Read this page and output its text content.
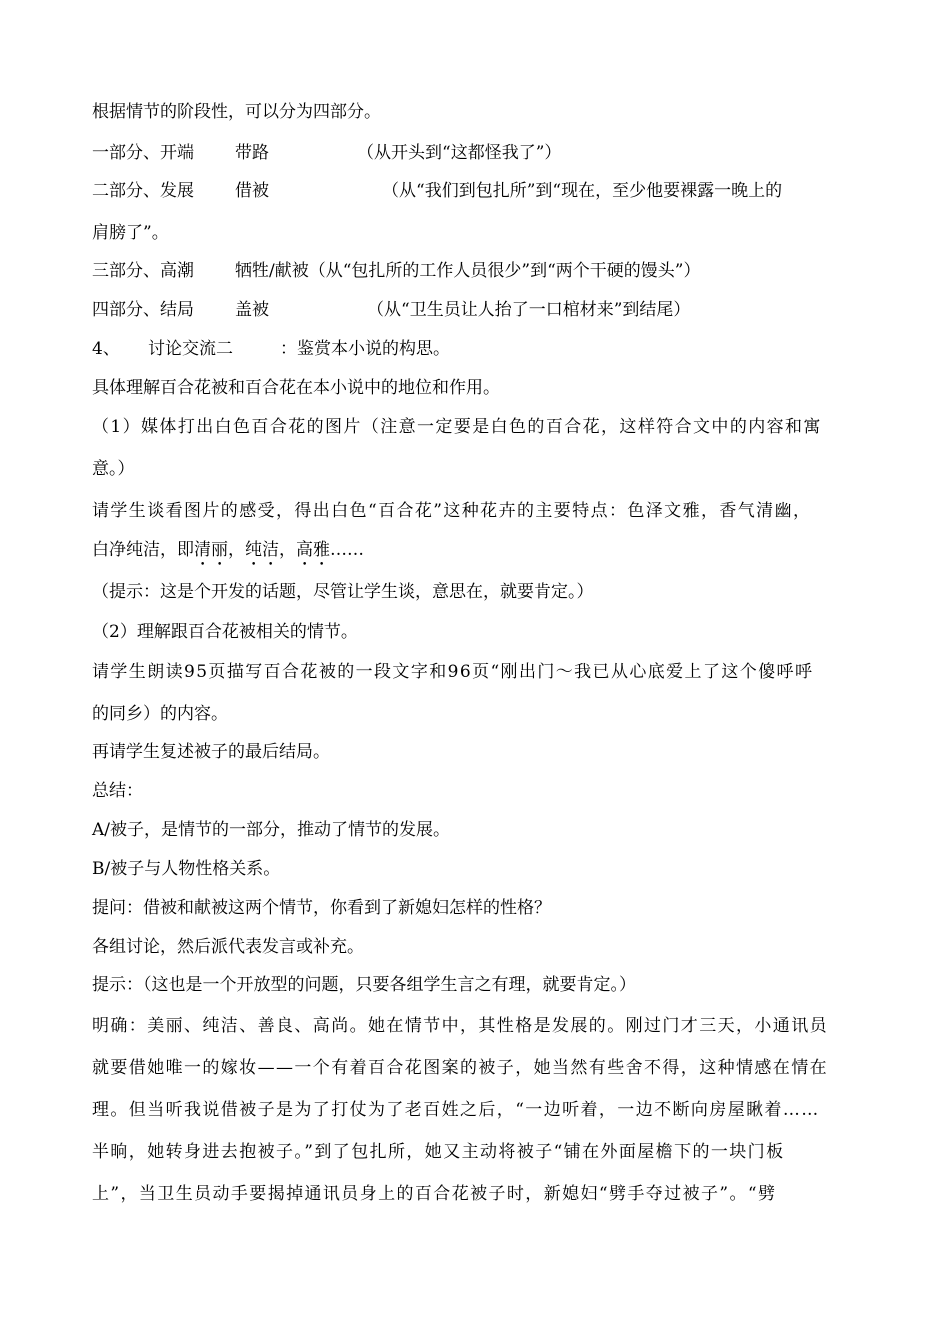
根据情节的阶段性，可以分为四部分。
一部分、开端 带路	（从开头到“这都怪我了”）
二部分、发展 借被	（从“我们到包扎所”到“现在，至少他要裸露一晚上的
肩膀了”。
三部分、高潮 牺牲/献被（从“包扎所的工作人员很少”到“两个干硬的馒头”）
四部分、结局 盖被	（从“卫生员让人抬了一口棺材来”到结尾）
4、 讨论交流二	：鉴赏本小说的构思。
具体理解百合花被和百合花在本小说中的地位和作用。
（1）媒体打出白色百合花的图片（注意一定要是白色的百合花，这样符合文中的内容和寓
意。）
请学生谈看图片的感受，得出白色“百合花”这种花卉的主要特点：色泽文雅，香气清幽，
白净纯洁，即清丽，纯洁，高雅……
（提示：这是个开发的话题，尽管让学生谈，意思在，就要肯定。）
（2）理解跟百合花被相关的情节。
请学生朗读95页描写百合花被的一段文字和96页“刚出门～我已从心底爱上了这个傻呼呼
的同乡）的内容。
再请学生复述被子的最后结局。
总结：
A/被子，是情节的一部分，推动了情节的发展。
B/被子与人物性格关系。
提问：借被和献被这两个情节，你看到了新媳妇怎样的性格？
各组讨论，然后派代表发言或补充。
提示：（这也是一个开放型的问题，只要各组学生言之有理，就要肯定。）
明确：美丽、纯洁、善良、高尚。她在情节中，其性格是发展的。刚过门才三天，小通讯员
就要借她唯一的嫁妆——一个有着百合花图案的被子，她当然有些舍不得，这种情感在情在
理。但当听我说借被子是为了打仗为了老百姓之后，“一边听着，一边不断向房屋瞅着……
半晌，她转身进去抱被子。”到了包扎所，她又主动将被子“铺在外面屋檐下的一块门板
上”，当卫生员动手要揭掉通讯员身上的百合花被子时，新媳妇“劈手夺过被子”。“劈
